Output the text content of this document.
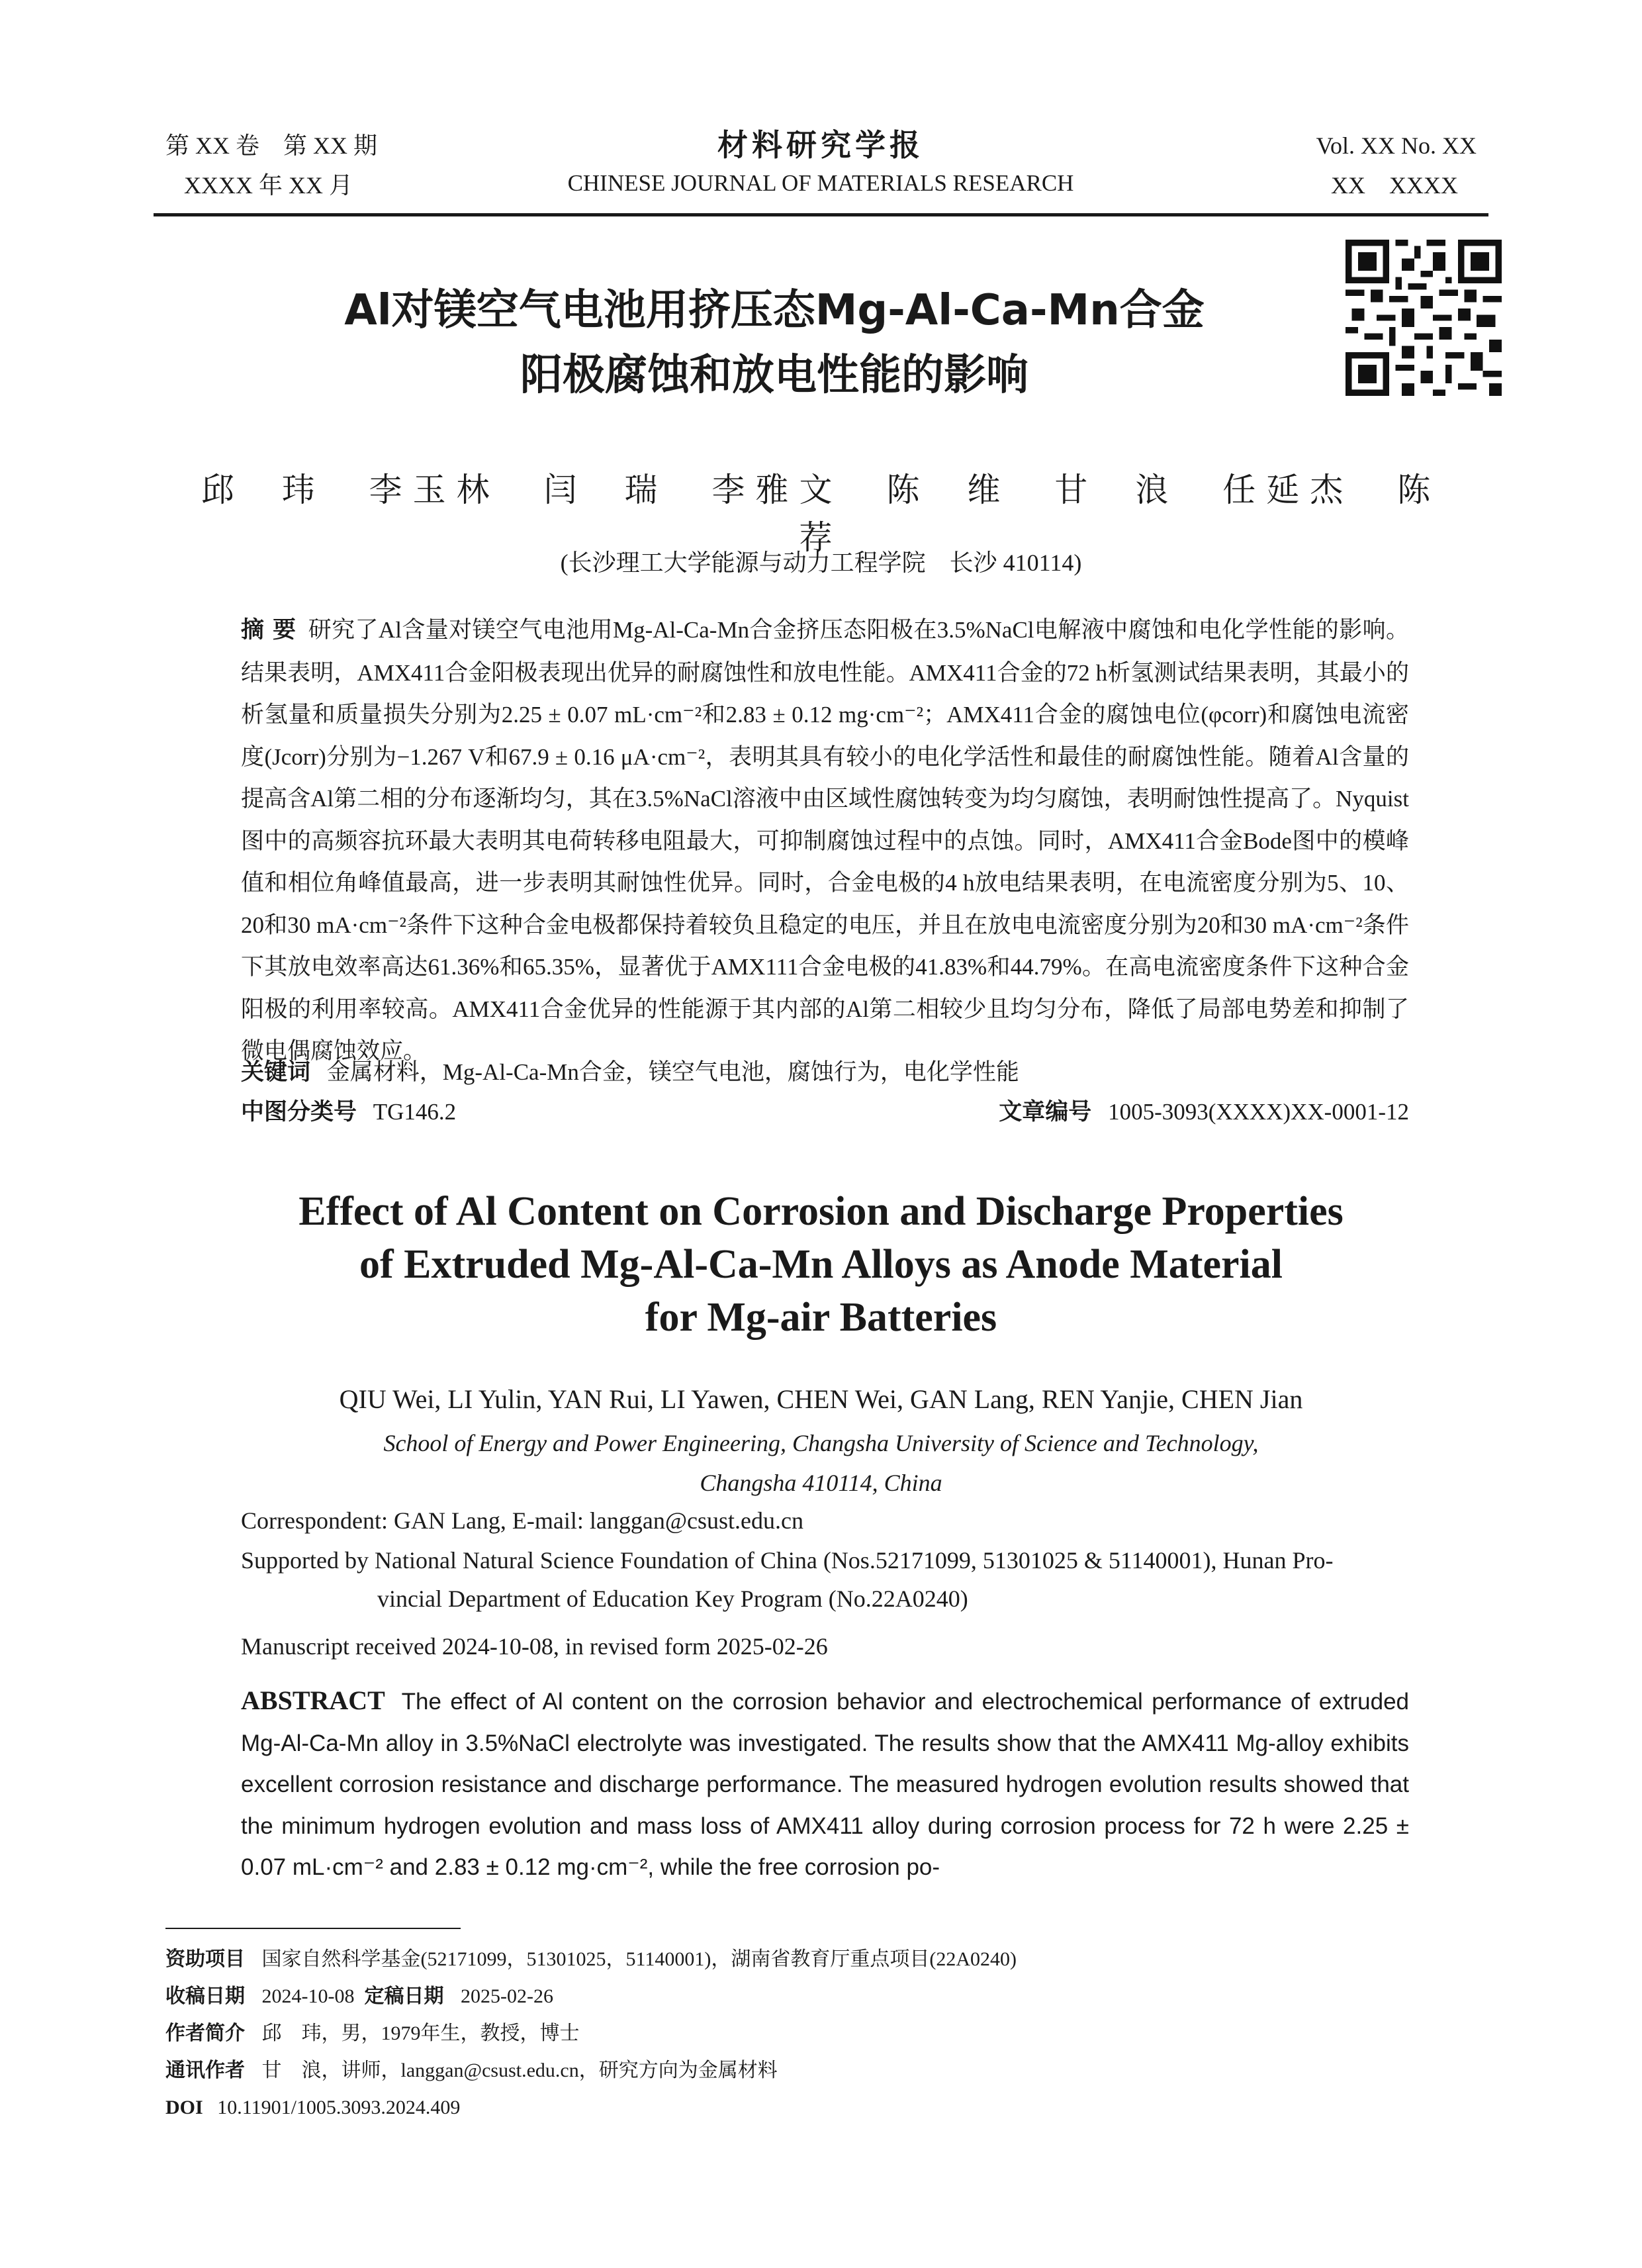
第 XX 卷　第 XX 期
XXXX 年 XX 月
材料研究学报
CHINESE JOURNAL OF MATERIALS RESEARCH
Vol. XX No. XX
XX　XXXX
Al对镁空气电池用挤压态Mg-Al-Ca-Mn合金
阳极腐蚀和放电性能的影响
邱 玮　李玉林　闫 瑞　李雅文　陈 维　甘 浪　任延杰　陈 荐
(长沙理工大学能源与动力工程学院　长沙 410114)
摘 要 研究了Al含量对镁空气电池用Mg-Al-Ca-Mn合金挤压态阳极在3.5%NaCl电解液中腐蚀和电化学性能的影响。结果表明，AMX411合金阳极表现出优异的耐腐蚀性和放电性能。AMX411合金的72 h析氢测试结果表明，其最小的析氢量和质量损失分别为2.25 ± 0.07 mL·cm⁻²和2.83 ± 0.12 mg·cm⁻²；AMX411合金的腐蚀电位(φcorr)和腐蚀电流密度(Jcorr)分别为−1.267 V和67.9 ± 0.16 μA·cm⁻²，表明其具有较小的电化学活性和最佳的耐腐蚀性能。随着Al含量的提高含Al第二相的分布逐渐均匀，其在3.5%NaCl溶液中由区域性腐蚀转变为均匀腐蚀，表明耐蚀性提高了。Nyquist图中的高频容抗环最大表明其电荷转移电阻最大，可抑制腐蚀过程中的点蚀。同时，AMX411合金Bode图中的模峰值和相位角峰值最高，进一步表明其耐蚀性优异。同时，合金电极的4 h放电结果表明，在电流密度分别为5、10、20和30 mA·cm⁻²条件下这种合金电极都保持着较负且稳定的电压，并且在放电电流密度分别为20和30 mA·cm⁻²条件下其放电效率高达61.36%和65.35%，显著优于AMX111合金电极的41.83%和44.79%。在高电流密度条件下这种合金阳极的利用率较高。AMX411合金优异的性能源于其内部的Al第二相较少且均匀分布，降低了局部电势差和抑制了微电偶腐蚀效应。
关键词 金属材料，Mg-Al-Ca-Mn合金，镁空气电池，腐蚀行为，电化学性能
中图分类号 TG146.2	文章编号 1005-3093(XXXX)XX-0001-12
Effect of Al Content on Corrosion and Discharge Properties
of Extruded Mg-Al-Ca-Mn Alloys as Anode Material
for Mg-air Batteries
QIU Wei, LI Yulin, YAN Rui, LI Yawen, CHEN Wei, GAN Lang, REN Yanjie, CHEN Jian
School of Energy and Power Engineering, Changsha University of Science and Technology,
Changsha 410114, China
Correspondent: GAN Lang, E-mail: langgan@csust.edu.cn
Supported by National Natural Science Foundation of China (Nos.52171099, 51301025 & 51140001), Hunan Pro-
vincial Department of Education Key Program (No.22A0240)
Manuscript received 2024-10-08, in revised form 2025-02-26
ABSTRACT The effect of Al content on the corrosion behavior and electrochemical performance of extruded Mg-Al-Ca-Mn alloy in 3.5%NaCl electrolyte was investigated. The results show that the AMX411 Mg-alloy exhibits excellent corrosion resistance and discharge performance. The measured hydrogen evolution results showed that the minimum hydrogen evolution and mass loss of AMX411 alloy during corrosion process for 72 h were 2.25 ± 0.07 mL·cm⁻² and 2.83 ± 0.12 mg·cm⁻², while the free corrosion po-
资助项目 国家自然科学基金(52171099，51301025，51140001)，湖南省教育厅重点项目(22A0240)
收稿日期 2024-10-08 定稿日期 2025-02-26
作者简介 邱　玮，男，1979年生，教授，博士
通讯作者 甘　浪，讲师，langgan@csust.edu.cn，研究方向为金属材料
DOI 10.11901/1005.3093.2024.409
